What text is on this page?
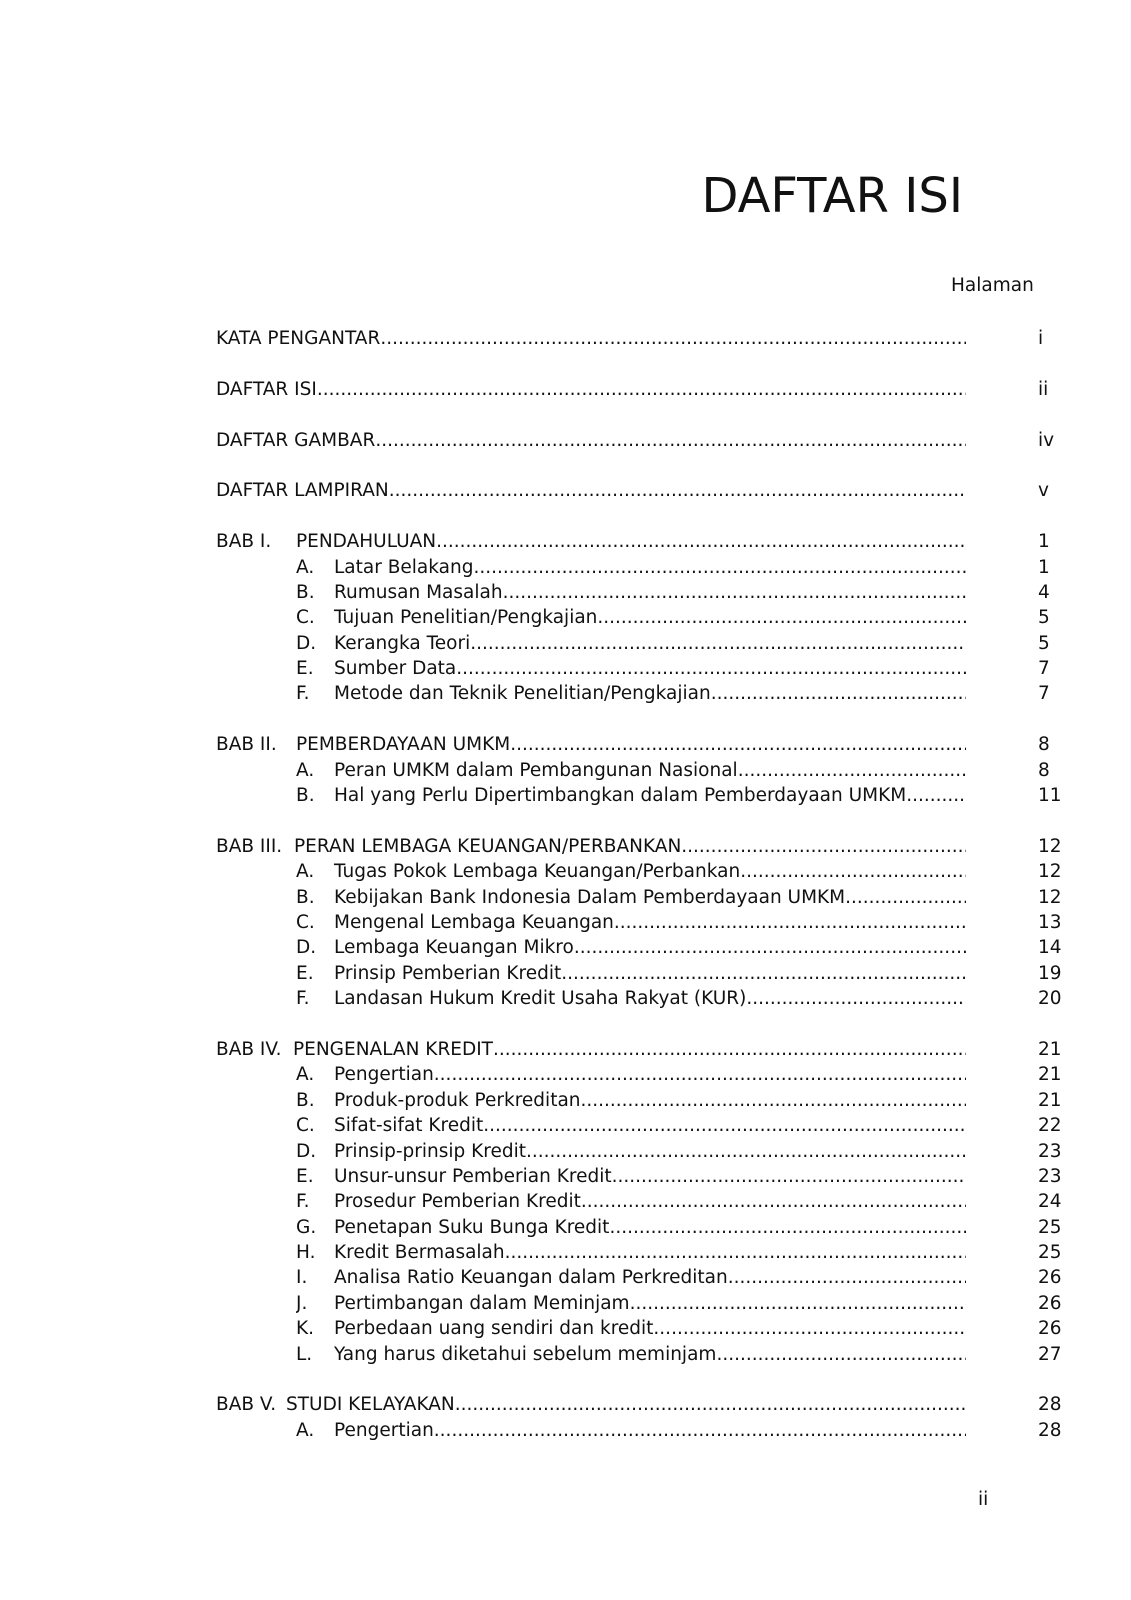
DAFTAR ISI
Halaman
KATA PENGANTAR .....	i
DAFTAR ISI .....	ii
DAFTAR GAMBAR .....	iv
DAFTAR LAMPIRAN .....	v
BAB I. PENDAHULUAN .....	1
A. Latar Belakang .....	1
B. Rumusan Masalah .....	4
C. Tujuan Penelitian/Pengkajian .....	5
D. Kerangka Teori .....	5
E. Sumber Data .....	7
F. Metode dan Teknik Penelitian/Pengkajian .....	7
BAB II. PEMBERDAYAAN UMKM .....	8
A. Peran UMKM dalam Pembangunan Nasional .....	8
B. Hal yang Perlu Dipertimbangkan dalam Pemberdayaan UMKM .....	11
BAB III. PERAN LEMBAGA KEUANGAN/PERBANKAN .....	12
A. Tugas Pokok Lembaga Keuangan/Perbankan .....	12
B. Kebijakan Bank Indonesia Dalam Pemberdayaan UMKM .....	12
C. Mengenal Lembaga Keuangan .....	13
D. Lembaga Keuangan Mikro .....	14
E. Prinsip Pemberian Kredit .....	19
F. Landasan Hukum Kredit Usaha Rakyat (KUR) .....	20
BAB IV. PENGENALAN KREDIT .....	21
A. Pengertian .....	21
B. Produk-produk Perkreditan .....	21
C. Sifat-sifat Kredit .....	22
D. Prinsip-prinsip Kredit .....	23
E. Unsur-unsur Pemberian Kredit .....	23
F. Prosedur Pemberian Kredit .....	24
G. Penetapan Suku Bunga Kredit .....	25
H. Kredit Bermasalah .....	25
I. Analisa Ratio Keuangan dalam Perkreditan .....	26
J. Pertimbangan dalam Meminjam .....	26
K. Perbedaan uang sendiri dan kredit .....	26
L. Yang harus diketahui sebelum meminjam .....	27
BAB V. STUDI KELAYAKAN .....	28
A. Pengertian .....	28
ii
